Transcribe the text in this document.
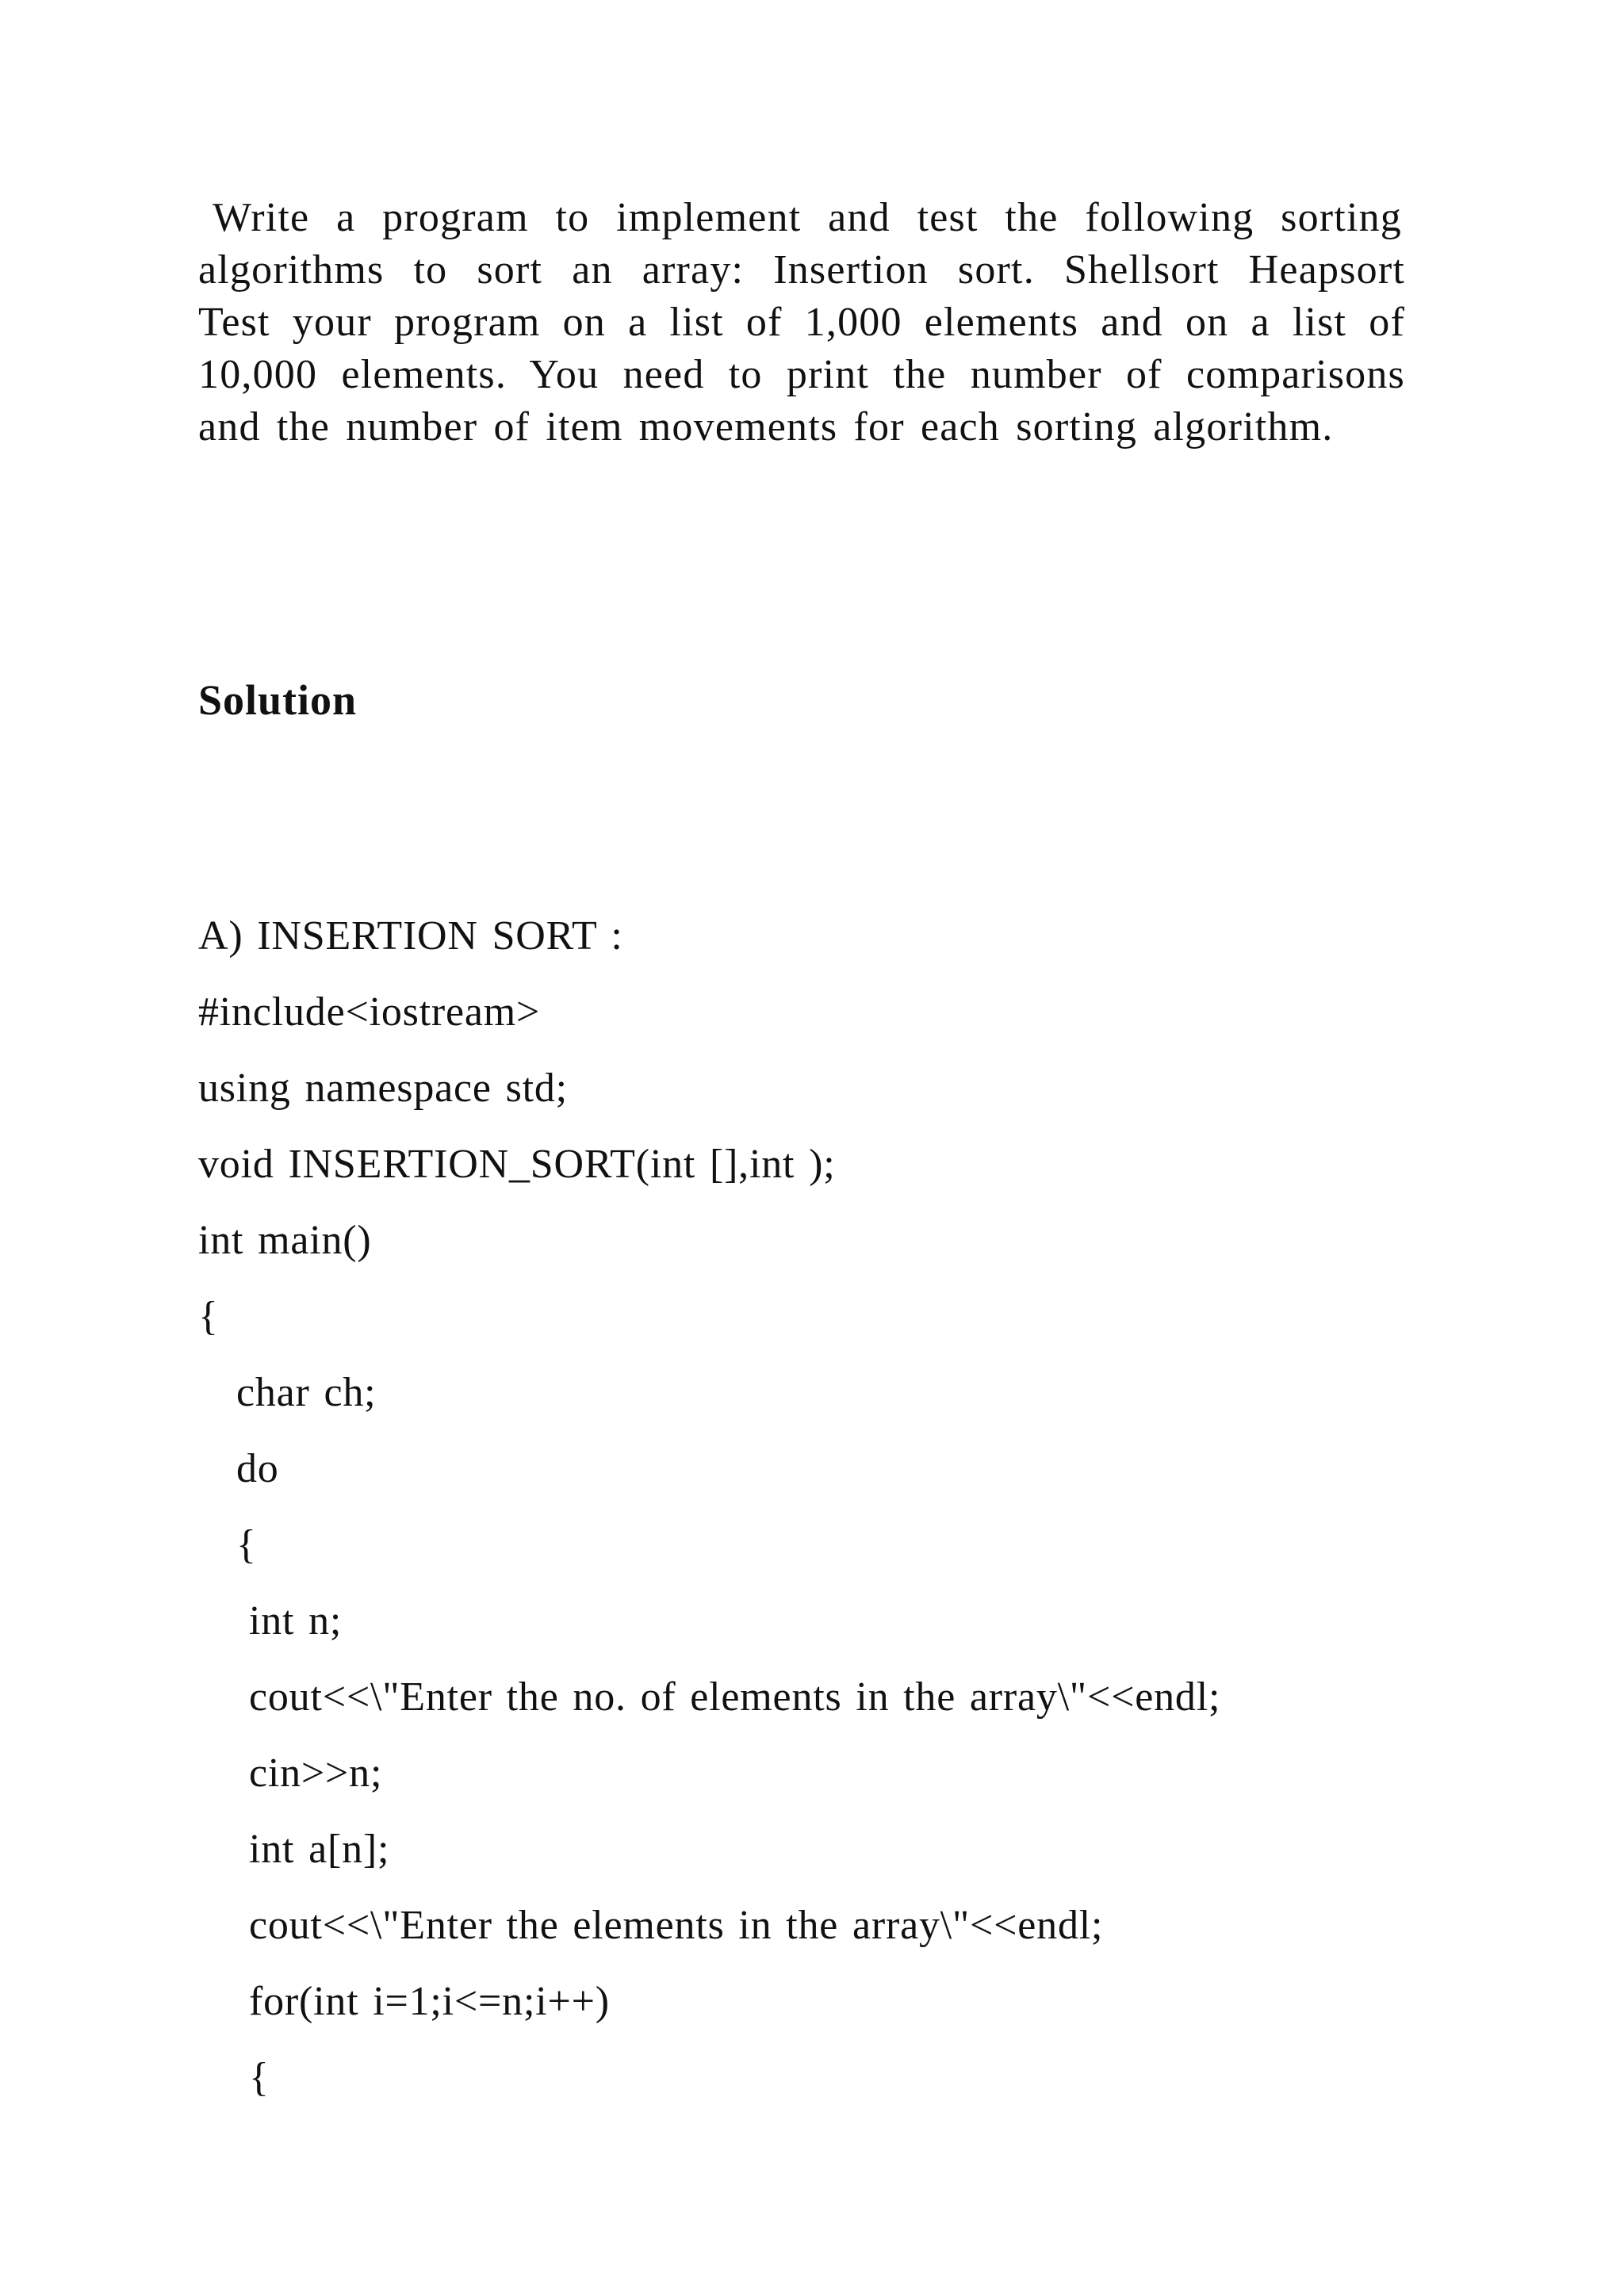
Write a program to implement and test the following sorting
algorithms to sort an array: Insertion sort. Shellsort Heapsort
Test your program on a list of 1,000 elements and on a list of
10,000 elements. You need to print the number of comparisons
and the number of item movements for each sorting algorithm.
Solution
A) INSERTION SORT :
#include<iostream>
using namespace std;
void INSERTION_SORT(int [],int );
int main()
{
char ch;
do
{
int n;
cout<<\"Enter the no. of elements in the array\"<<endl;
cin>>n;
int a[n];
cout<<\"Enter the elements in the array\"<<endl;
for(int i=1;i<=n;i++)
{
